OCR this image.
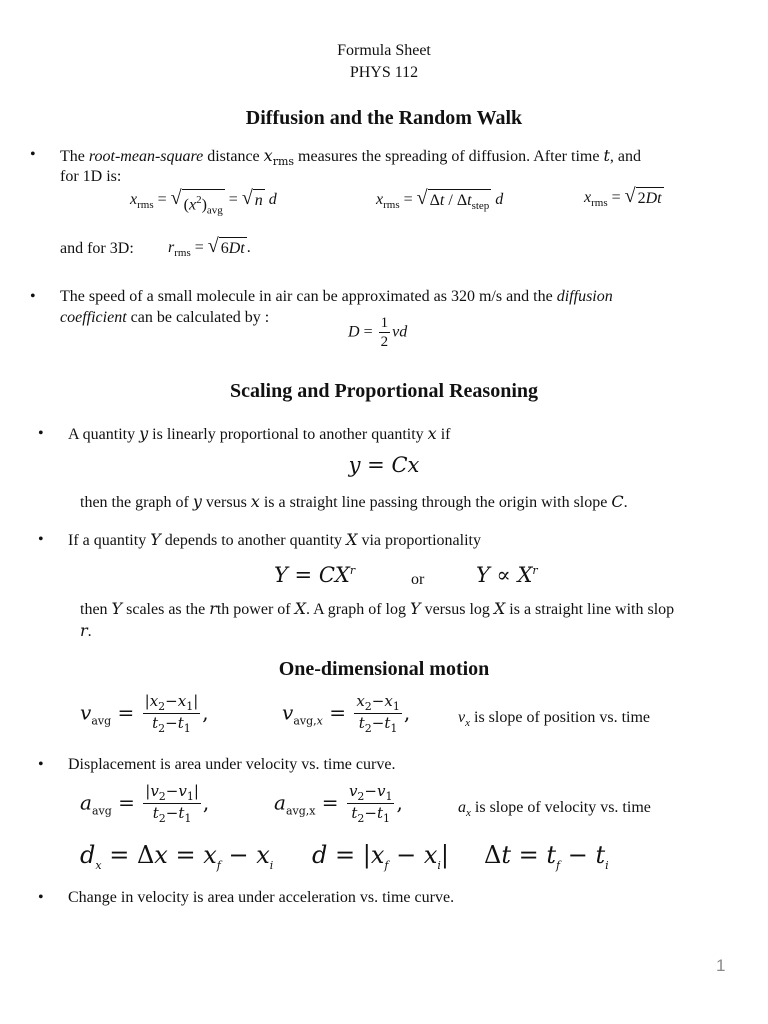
Formula Sheet
PHYS 112
Diffusion and the Random Walk
• The root-mean-square distance $x_{rms}$ measures the spreading of diffusion. After time t, and
for 1D is:
$x_{rms}$ = √ $(x^2)_{avg}$
= √ n d	$x_{rms}$ = √ Δt / $\Delta t_{step}$ d	$x_{rms}$ = √ 2Dt
and for 3D: $r_{rms}$ = √ 6Dt .
• The speed of a small molecule in air can be approximated as 320 m/s and the diffusion
coefficient can be calculated by :
$D = \frac{1}{2}$ vd
Scaling and Proportional Reasoning
• A quantity y is linearly proportional to another quantity x if
y = Cx
then the graph of y versus x is a straight line passing through the origin with slope C.
• If a quantity Y depends to another quantity X via proportionality
$Y = CX^r$
or $Y \propto X^r$
then Y scales as the rth power of X. A graph of log Y versus log X is a straight line with slop
r.
One-dimensional motion
$v_{avg} = \frac{|x_2-x_1|}{t_2-t_1}$ ,	$v_{avg,x} = \frac{x_2-x_1}{t_2-t_1}$ ,	$v_x$ is slope of position vs. time
• Displacement is area under velocity vs. time curve.
$a_{avg} = \frac{|v_2-v_1|}{t_2-t_1}$ ,	$a_{avg,x} = \frac{v_2-v_1}{t_2-t_1}$ ,	$a_x$ is slope of velocity vs. time
$d_x = \Delta x = x_f - x_i$ $d = |x_f - x_i|$ $\Delta t = t_f - t_i$
• Change in velocity is area under acceleration vs. time curve.
1
